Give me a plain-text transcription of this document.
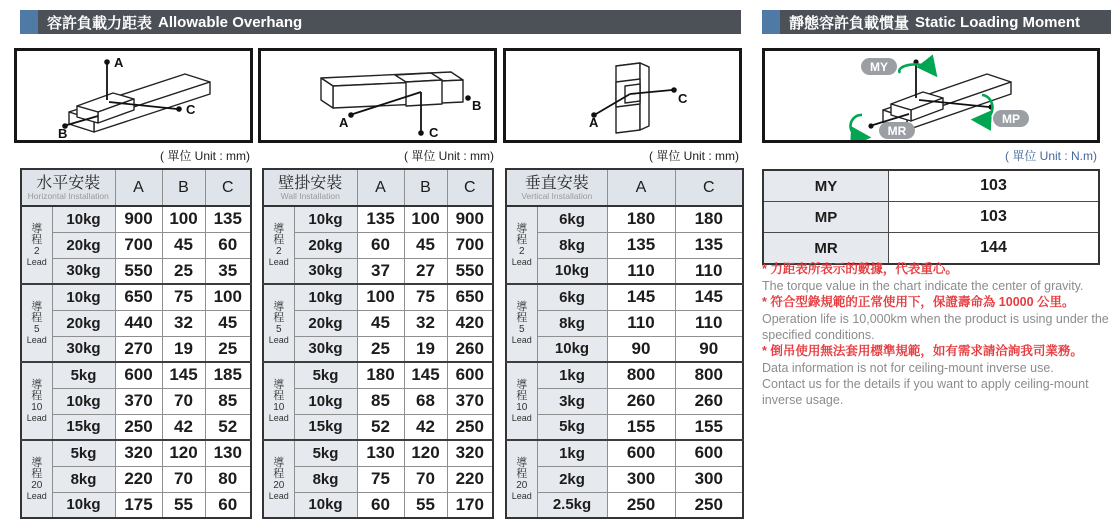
容許負載力距表 Allowable Overhang	靜態容許負載慣量 Static Loading Moment
A
C
B
A
B
C
A
C
MY
MP
MR
( 單位 Unit : mm)	( 單位 Unit : mm)	( 單位 Unit : mm)	( 單位 Unit : N.m)
水平安裝
Horizontal Installation		A	B	C

導程
2
Lead	10kg	900	100	135
	20kg	700	45	60
	30kg	550	25	35

導程
5
Lead	10kg	650	75	100
	20kg	440	32	45
	30kg	270	19	25

導程
10
Lead	5kg	600	145	185
	10kg	370	70	85
	15kg	250	42	52

導程
20
Lead	5kg	320	120	130
	8kg	220	70	80
	10kg	175	55	60
壁掛安裝
Wall Installation		A	B	C

導程
2
Lead	10kg	135	100	900
	20kg	60	45	700
	30kg	37	27	550

導程
5
Lead	10kg	100	75	650
	20kg	45	32	420
	30kg	25	19	260

導程
10
Lead	5kg	180	145	600
	10kg	85	68	370
	15kg	52	42	250

導程
20
Lead	5kg	130	120	320
	8kg	75	70	220
	10kg	60	55	170
垂直安裝
Vertical Installation		A	C

導程
2
Lead	6kg	180	180
	8kg	135	135
	10kg	110	110

導程
5
Lead	6kg	145	145
	8kg	110	110
	10kg	90	90

導程
10
Lead	1kg	800	800
	3kg	260	260
	5kg	155	155

導程
20
Lead	1kg	600	600
	2kg	300	300
	2.5kg	250	250
MY	103
MP	103
MR	144
* 力距表所表示的數據，代表重心。
The torque value in the chart indicate the center of gravity.
* 符合型錄規範的正常使用下，保證壽命為 10000 公里。
Operation life is 10,000km when the product is using under the specified conditions.
* 倒吊使用無法套用標準規範，如有需求請洽詢我司業務。
Data information is not for ceiling-mount inverse use.
Contact us for the details if you want to apply ceiling-mount inverse usage.
